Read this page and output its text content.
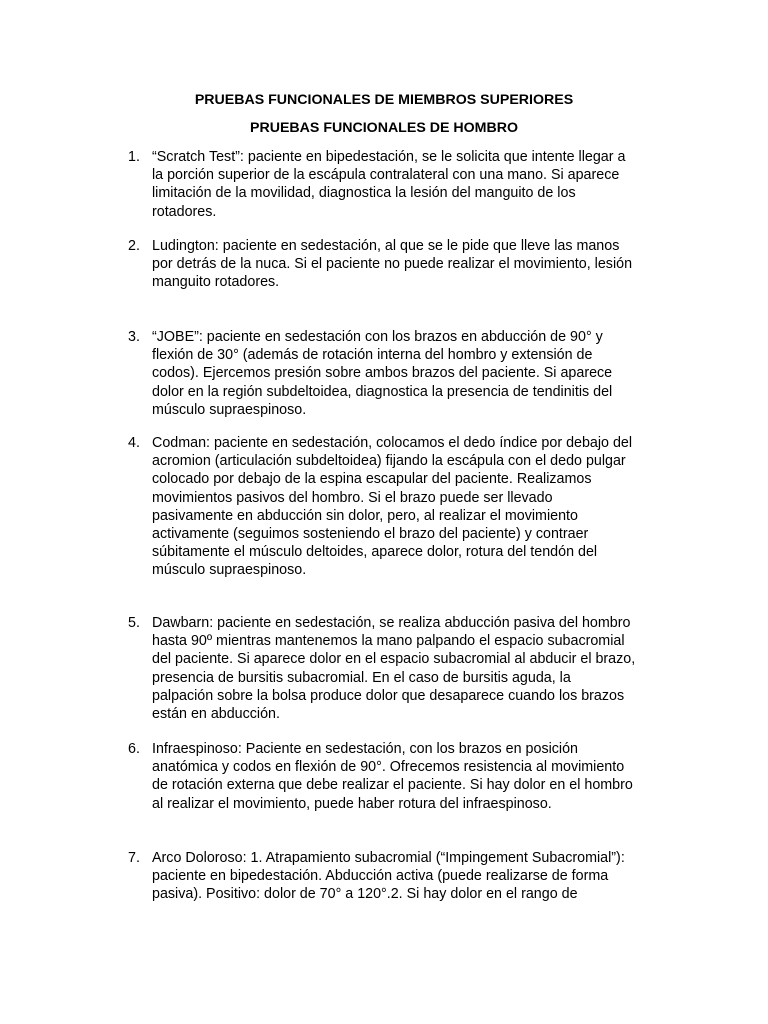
PRUEBAS FUNCIONALES DE MIEMBROS SUPERIORES
PRUEBAS FUNCIONALES DE HOMBRO
1. “Scratch Test”: paciente en bipedestación, se le solicita que intente llegar a
la porción superior de la escápula contralateral con una mano. Si aparece
limitación de la movilidad, diagnostica la lesión del manguito de los
rotadores.
2. Ludington: paciente en sedestación, al que se le pide que lleve las manos
por detrás de la nuca. Si el paciente no puede realizar el movimiento, lesión
manguito rotadores.
3. “JOBE”: paciente en sedestación con los brazos en abducción de 90° y
flexión de 30° (además de rotación interna del hombro y extensión de
codos). Ejercemos presión sobre ambos brazos del paciente. Si aparece
dolor en la región subdeltoidea, diagnostica la presencia de tendinitis del
músculo supraespinoso.
4. Codman: paciente en sedestación, colocamos el dedo índice por debajo del
acromion (articulación subdeltoidea) fijando la escápula con el dedo pulgar
colocado por debajo de la espina escapular del paciente. Realizamos
movimientos pasivos del hombro. Si el brazo puede ser llevado
pasivamente en abducción sin dolor, pero, al realizar el movimiento
activamente (seguimos sosteniendo el brazo del paciente) y contraer
súbitamente el músculo deltoides, aparece dolor, rotura del tendón del
músculo supraespinoso.
5. Dawbarn: paciente en sedestación, se realiza abducción pasiva del hombro
hasta 90º mientras mantenemos la mano palpando el espacio subacromial
del paciente. Si aparece dolor en el espacio subacromial al abducir el brazo,
presencia de bursitis subacromial. En el caso de bursitis aguda, la
palpación sobre la bolsa produce dolor que desaparece cuando los brazos
están en abducción.
6. Infraespinoso: Paciente en sedestación, con los brazos en posición
anatómica y codos en flexión de 90°. Ofrecemos resistencia al movimiento
de rotación externa que debe realizar el paciente. Si hay dolor en el hombro
al realizar el movimiento, puede haber rotura del infraespinoso.
7. Arco Doloroso: 1. Atrapamiento subacromial (“Impingement Subacromial”):
paciente en bipedestación. Abducción activa (puede realizarse de forma
pasiva). Positivo: dolor de 70° a 120°.2. Si hay dolor en el rango de
